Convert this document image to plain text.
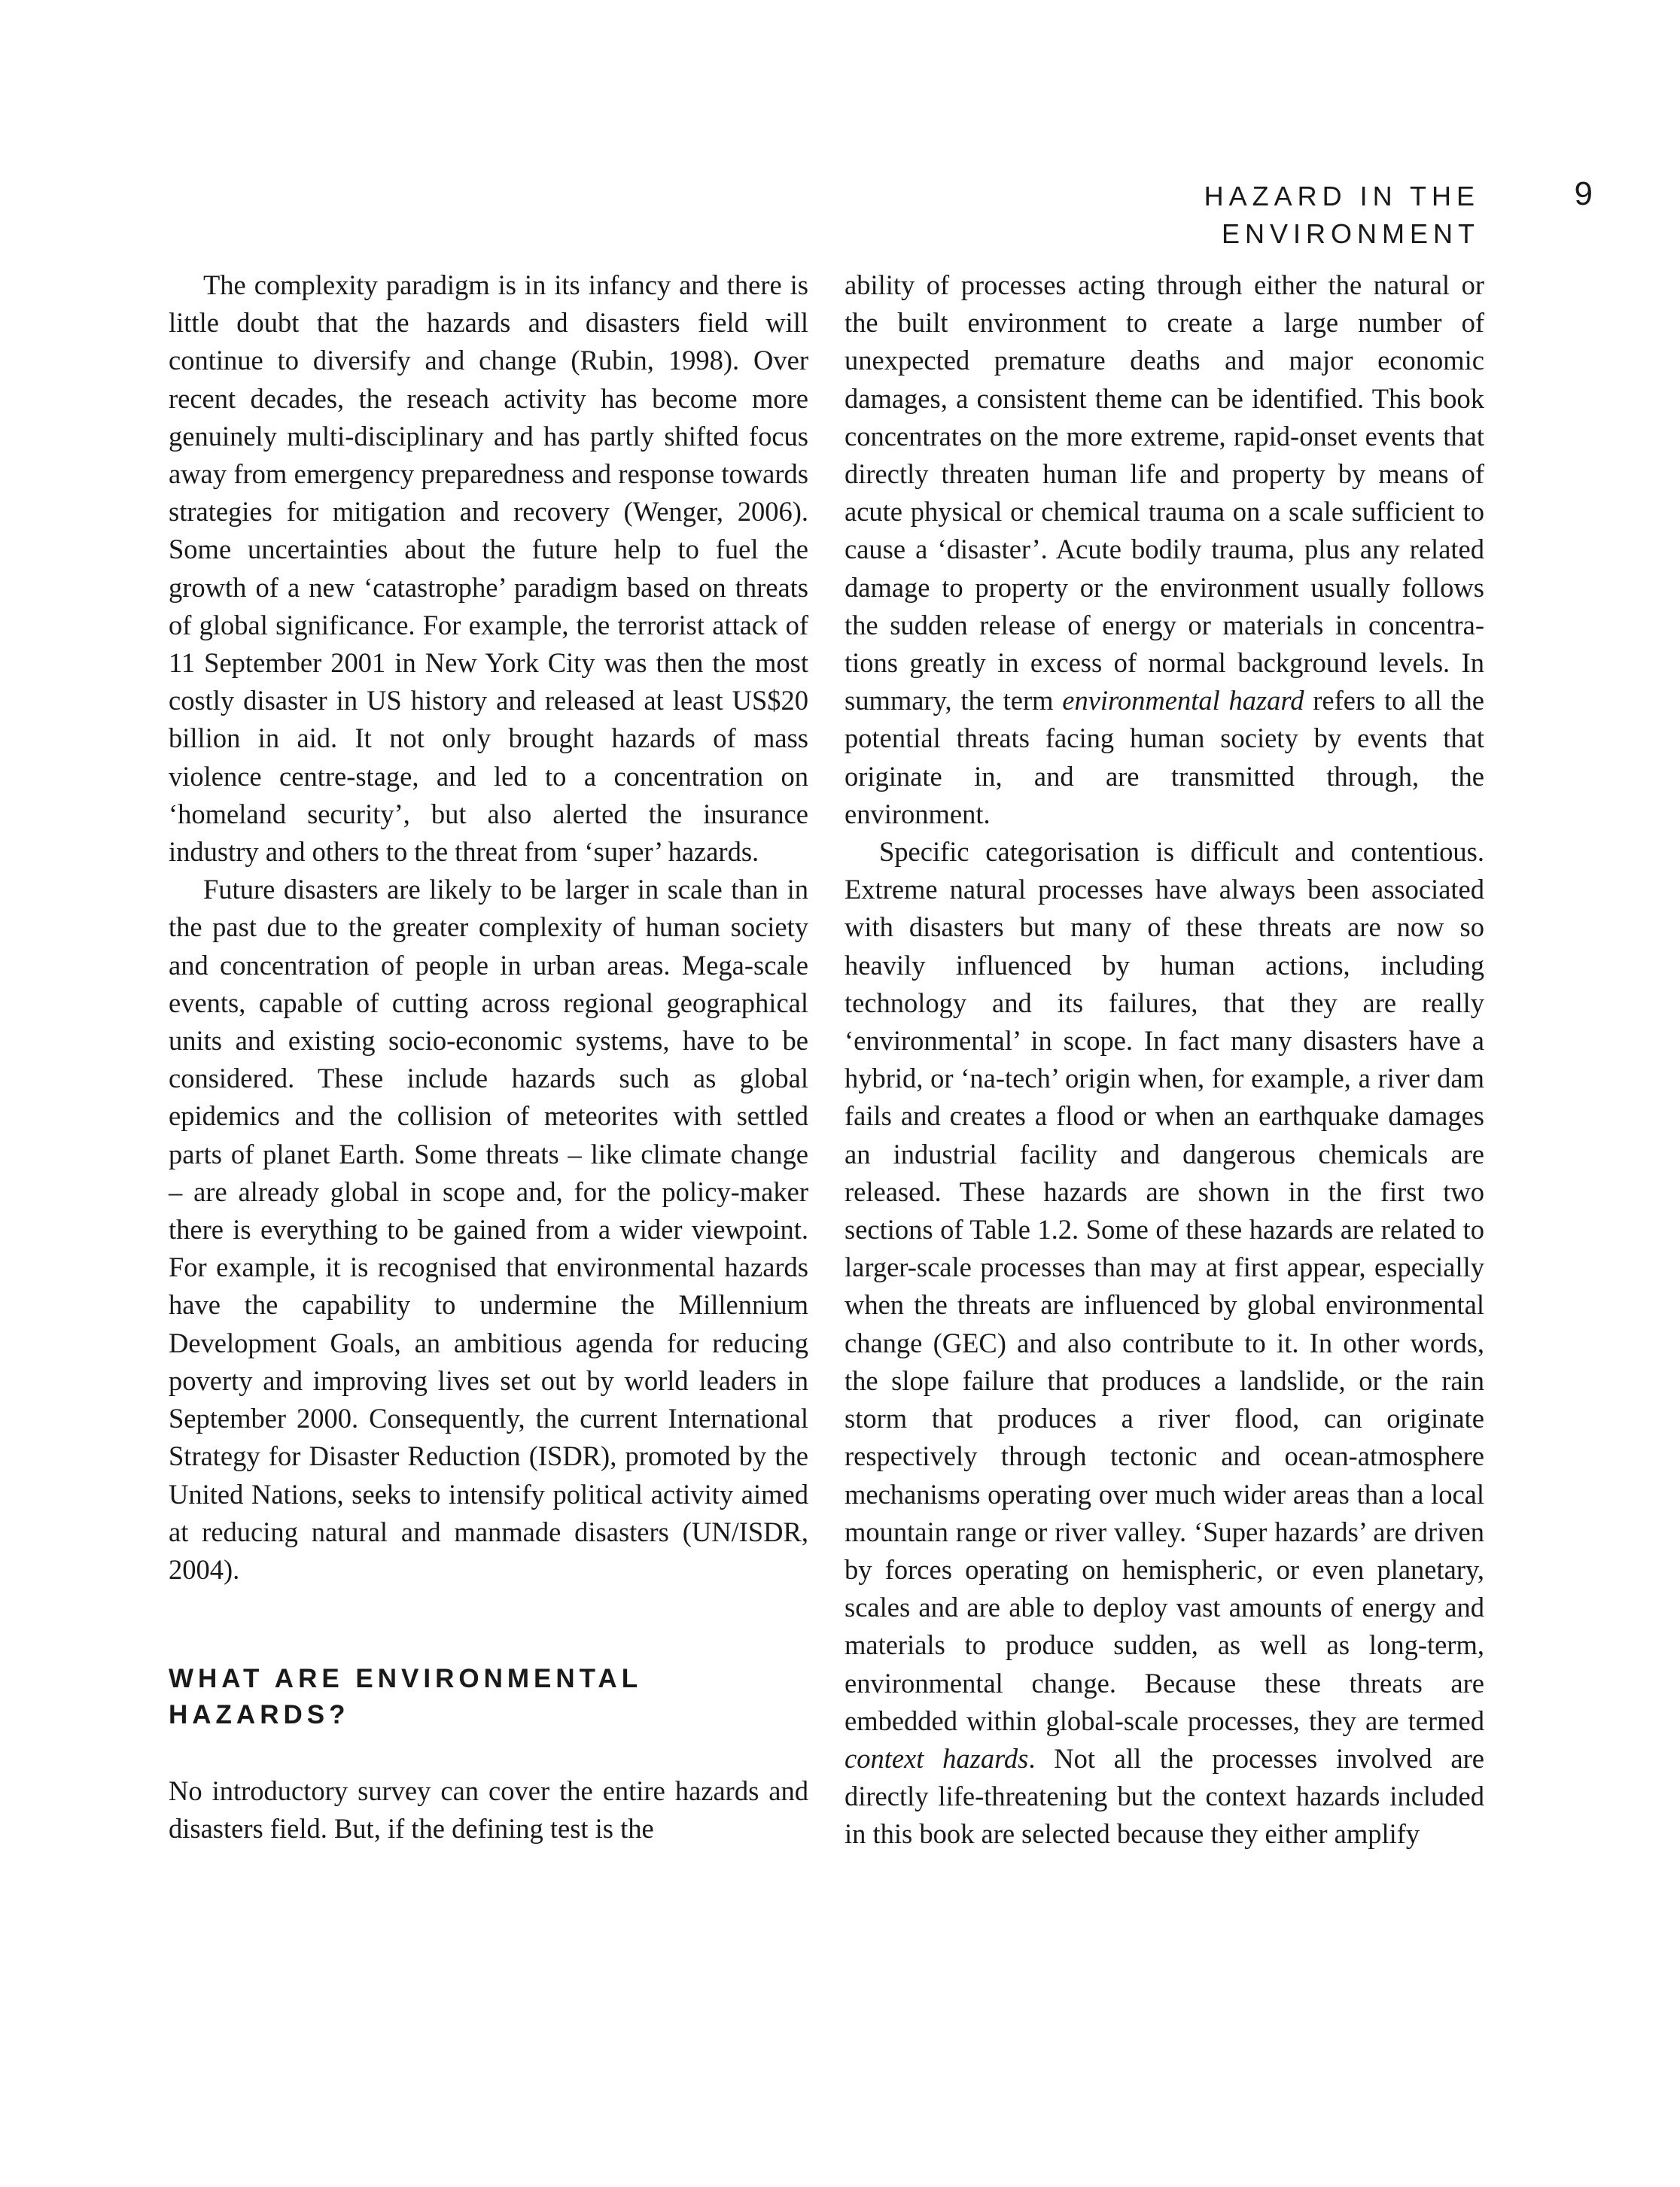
HAZARD IN THE ENVIRONMENT
9

The complexity paradigm is in its infancy and there is little doubt that the hazards and disasters field will continue to diversify and change (Rubin, 1998). Over recent decades, the reseach activity has become more genuinely multi-disciplinary and has partly shifted focus away from emergency preparedness and response towards strategies for mitigation and recovery (Wenger, 2006). Some uncertainties about the future help to fuel the growth of a new ‘catastrophe’ paradigm based on threats of global significance. For example, the terrorist attack of 11 September 2001 in New York City was then the most costly disaster in US history and released at least US$20 billion in aid. It not only brought hazards of mass violence centre-stage, and led to a concentration on ‘homeland security’, but also alerted the insurance industry and others to the threat from ‘super’ hazards.

Future disasters are likely to be larger in scale than in the past due to the greater complexity of human society and concentration of people in urban areas. Mega-scale events, capable of cutting across regional geographical units and existing socio-economic systems, have to be considered. These include hazards such as global epidemics and the collision of meteorites with settled parts of planet Earth. Some threats – like climate change – are already global in scope and, for the policy-maker there is everything to be gained from a wider viewpoint. For example, it is recognised that environmental hazards have the capability to undermine the Millennium Development Goals, an ambitious agenda for reducing poverty and improving lives set out by world leaders in September 2000. Consequently, the current International Strategy for Disaster Reduction (ISDR), promoted by the United Nations, seeks to intensify political activity aimed at reducing natural and manmade disasters (UN/ISDR, 2004).

WHAT ARE ENVIRONMENTAL HAZARDS?

No introductory survey can cover the entire hazards and disasters field. But, if the defining test is the

ability of processes acting through either the natural or the built environment to create a large number of unexpected premature deaths and major economic damages, a consistent theme can be identified. This book concentrates on the more extreme, rapid-onset events that directly threaten human life and property by means of acute physical or chemical trauma on a scale sufficient to cause a ‘disaster’. Acute bodily trauma, plus any related damage to property or the environment usually follows the sudden release of energy or materials in concentrations greatly in excess of normal background levels. In summary, the term environmental hazard refers to all the potential threats facing human society by events that originate in, and are transmitted through, the environment.

Specific categorisation is difficult and contentious. Extreme natural processes have always been associated with disasters but many of these threats are now so heavily influenced by human actions, including technology and its failures, that they are really ‘environmental’ in scope. In fact many disasters have a hybrid, or ‘na-tech’ origin when, for example, a river dam fails and creates a flood or when an earthquake damages an industrial facility and dangerous chemicals are released. These hazards are shown in the first two sections of Table 1.2. Some of these hazards are related to larger-scale processes than may at first appear, especially when the threats are influenced by global environmental change (GEC) and also contribute to it. In other words, the slope failure that produces a landslide, or the rain storm that produces a river flood, can originate respectively through tectonic and ocean-atmosphere mechanisms operating over much wider areas than a local mountain range or river valley. ‘Super hazards’ are driven by forces operating on hemispheric, or even planetary, scales and are able to deploy vast amounts of energy and materials to produce sudden, as well as long-term, environmental change. Because these threats are embedded within global-scale processes, they are termed context hazards. Not all the processes involved are directly life-threatening but the context hazards included in this book are selected because they either amplify
